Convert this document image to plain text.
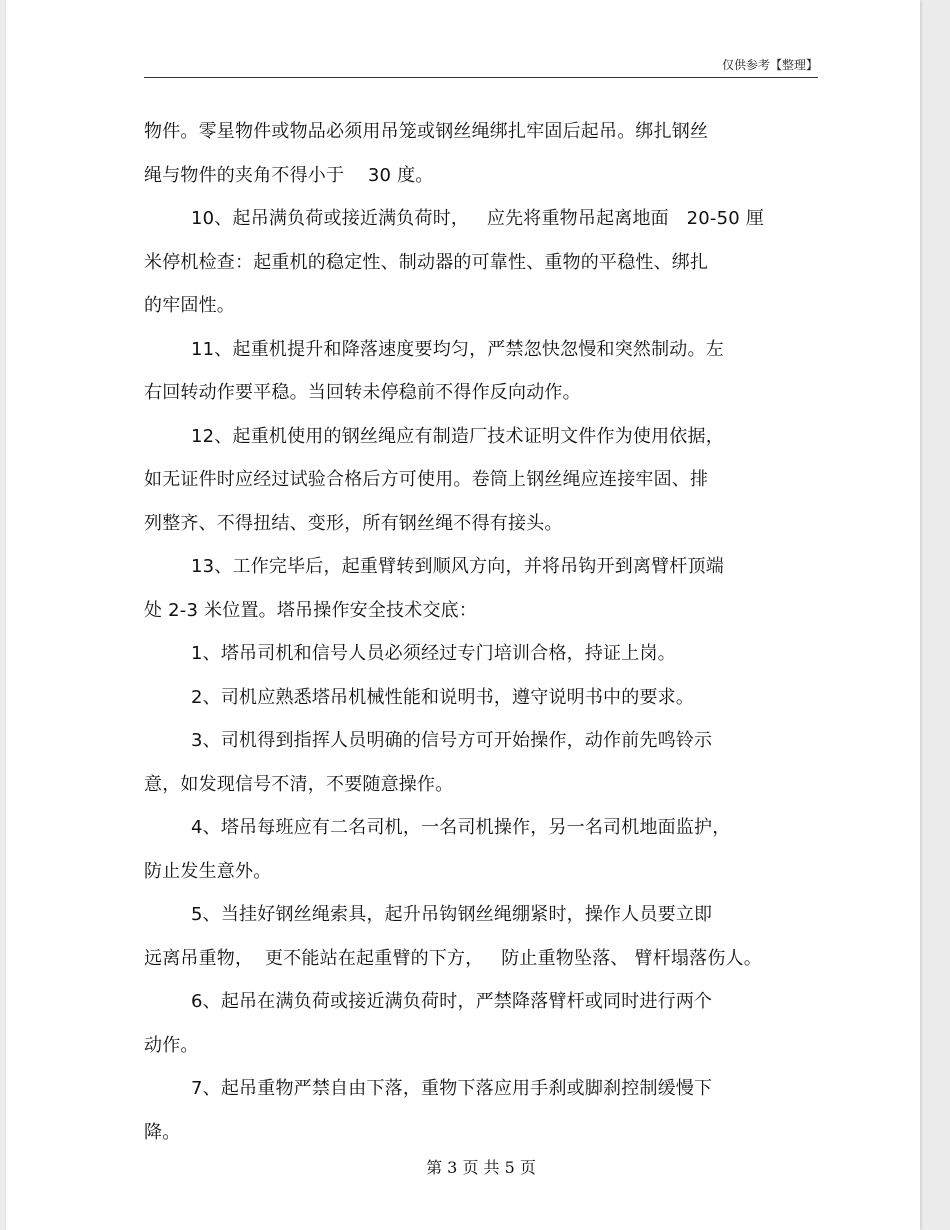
仅供参考【整理】
物件。零星物件或物品必须用吊笼或钢丝绳绑扎牢固后起吊。绑扎钢丝
绳与物件的夹角不得小于    30 度。
10、起吊满负荷或接近满负荷时，   应先将重物吊起离地面   20-50 厘
米停机检查：起重机的稳定性、制动器的可靠性、重物的平稳性、绑扎
的牢固性。
11、起重机提升和降落速度要均匀，严禁忽快忽慢和突然制动。左
右回转动作要平稳。当回转未停稳前不得作反向动作。
12、起重机使用的钢丝绳应有制造厂技术证明文件作为使用依据，
如无证件时应经过试验合格后方可使用。卷筒上钢丝绳应连接牢固、排
列整齐、不得扭结、变形，所有钢丝绳不得有接头。
13、工作完毕后，起重臂转到顺风方向，并将吊钩开到离臂杆顶端
处 2-3 米位置。塔吊操作安全技术交底：
1、塔吊司机和信号人员必须经过专门培训合格，持证上岗。
2、司机应熟悉塔吊机械性能和说明书，遵守说明书中的要求。
3、司机得到指挥人员明确的信号方可开始操作，动作前先鸣铃示
意，如发现信号不清，不要随意操作。
4、塔吊每班应有二名司机，一名司机操作，另一名司机地面监护，
防止发生意外。
5、当挂好钢丝绳索具，起升吊钩钢丝绳绷紧时，操作人员要立即
远离吊重物，  更不能站在起重臂的下方，   防止重物坠落、 臂杆塌落伤人。
6、起吊在满负荷或接近满负荷时，严禁降落臂杆或同时进行两个
动作。
7、起吊重物严禁自由下落，重物下落应用手刹或脚刹控制缓慢下
降。
第 3 页 共 5 页
